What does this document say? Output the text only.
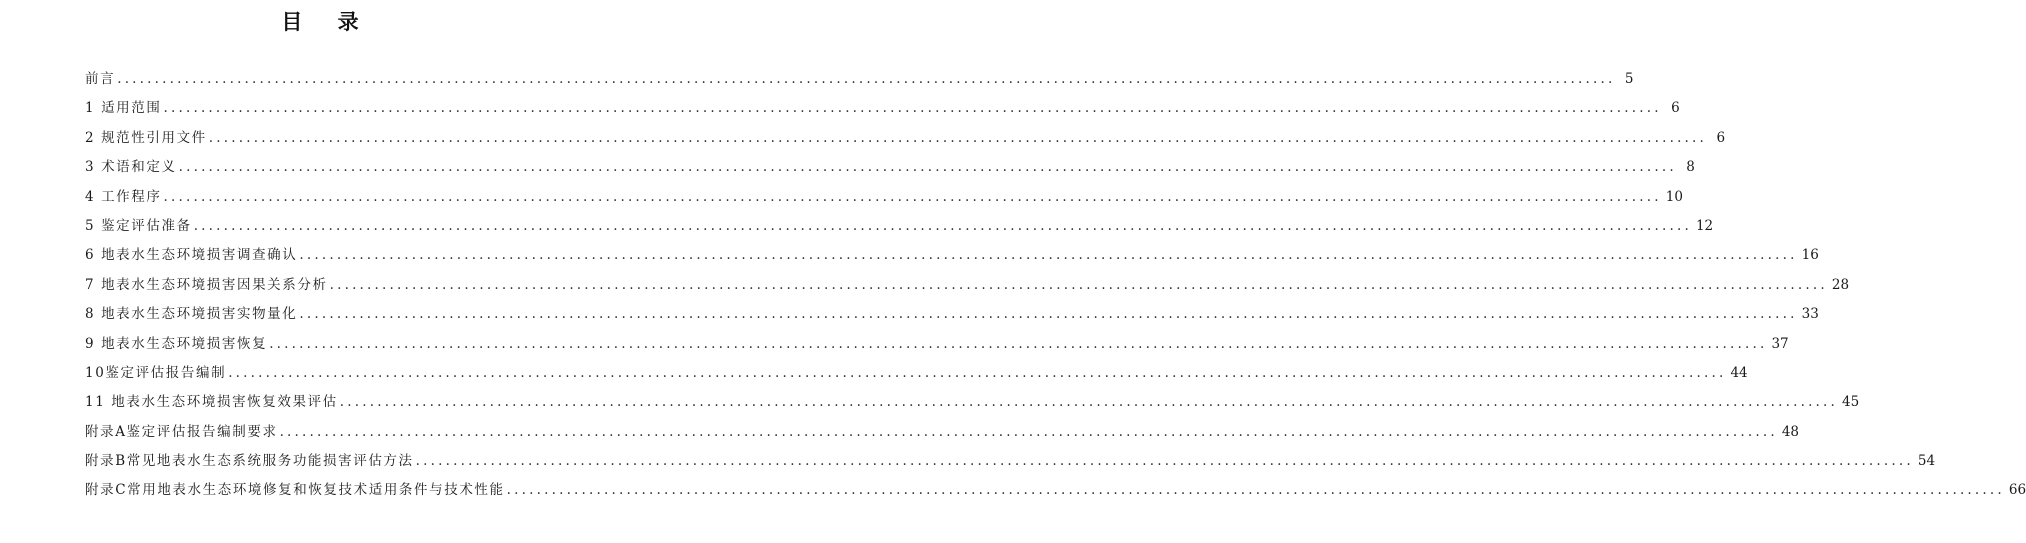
目 录
前言 ........................................................................................................................................................................................................ 5
1 适用范围 ........................................................................................................................................................................................................ 6
2 规范性引用文件 ........................................................................................................................................................................................................ 6
3 术语和定义 ........................................................................................................................................................................................................ 8
4 工作程序 ........................................................................................................................................................................................................ 10
5 鉴定评估准备 ........................................................................................................................................................................................................ 12
6 地表水生态环境损害调查确认 ........................................................................................................................................................................................................ 16
7 地表水生态环境损害因果关系分析 ........................................................................................................................................................................................................ 28
8 地表水生态环境损害实物量化 ........................................................................................................................................................................................................ 33
9 地表水生态环境损害恢复 ........................................................................................................................................................................................................ 37
10鉴定评估报告编制 ........................................................................................................................................................................................................ 44
11 地表水生态环境损害恢复效果评估 ........................................................................................................................................................................................................ 45
附录A鉴定评估报告编制要求 ........................................................................................................................................................................................................ 48
附录B常见地表水生态系统服务功能损害评估方法 ........................................................................................................................................................................................................ 54
附录C常用地表水生态环境修复和恢复技术适用条件与技术性能 ........................................................................................................................................................................................................ 66
